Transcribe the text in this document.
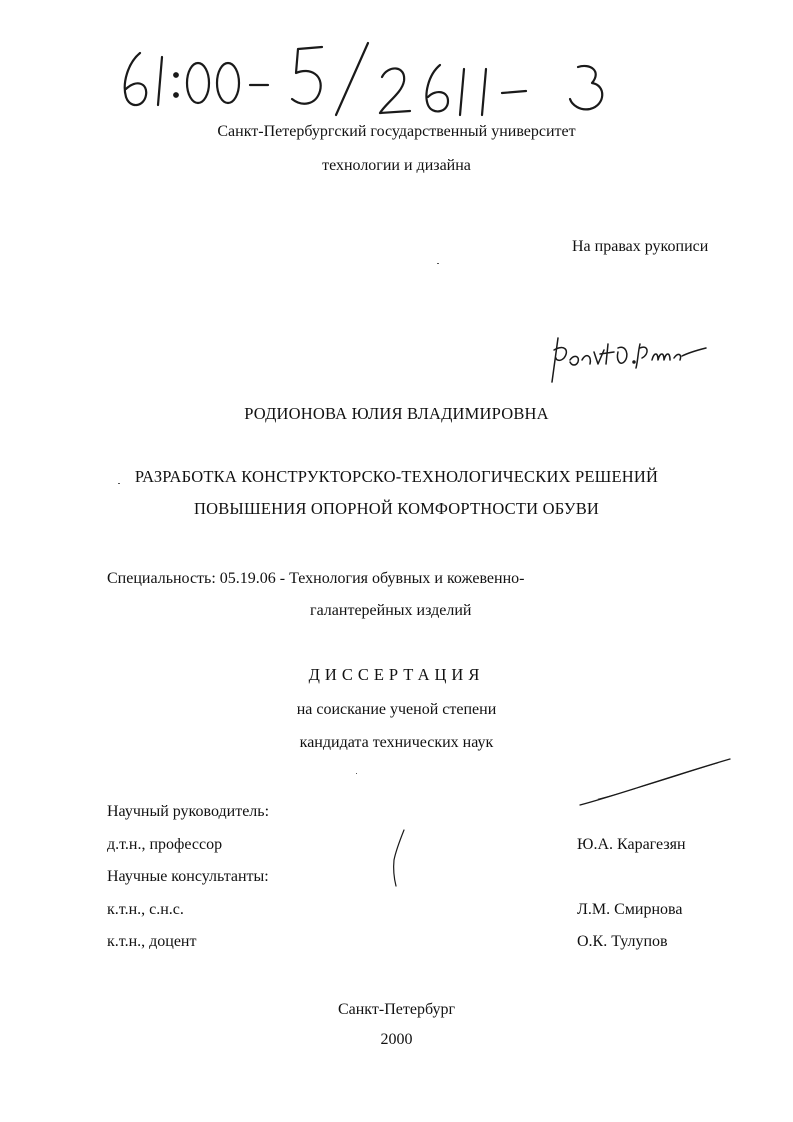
Санкт-Петербургский государственный университет
технологии и дизайна
На правах рукописи
РОДИОНОВА ЮЛИЯ ВЛАДИМИРОВНА
РАЗРАБОТКА КОНСТРУКТОРСКО-ТЕХНОЛОГИЧЕСКИХ РЕШЕНИЙ
ПОВЫШЕНИЯ ОПОРНОЙ КОМФОРТНОСТИ ОБУВИ
Специальность: 05.19.06 - Технология обувных и кожевенно-
галантерейных изделий
ДИССЕРТАЦИЯ
на соискание ученой степени
кандидата технических наук
Научный руководитель:
д.т.н., профессор	Ю.А. Карагезян
Научные консультанты:
к.т.н., с.н.с.	Л.М. Смирнова
к.т.н., доцент	О.К. Тулупов
Санкт-Петербург
2000
